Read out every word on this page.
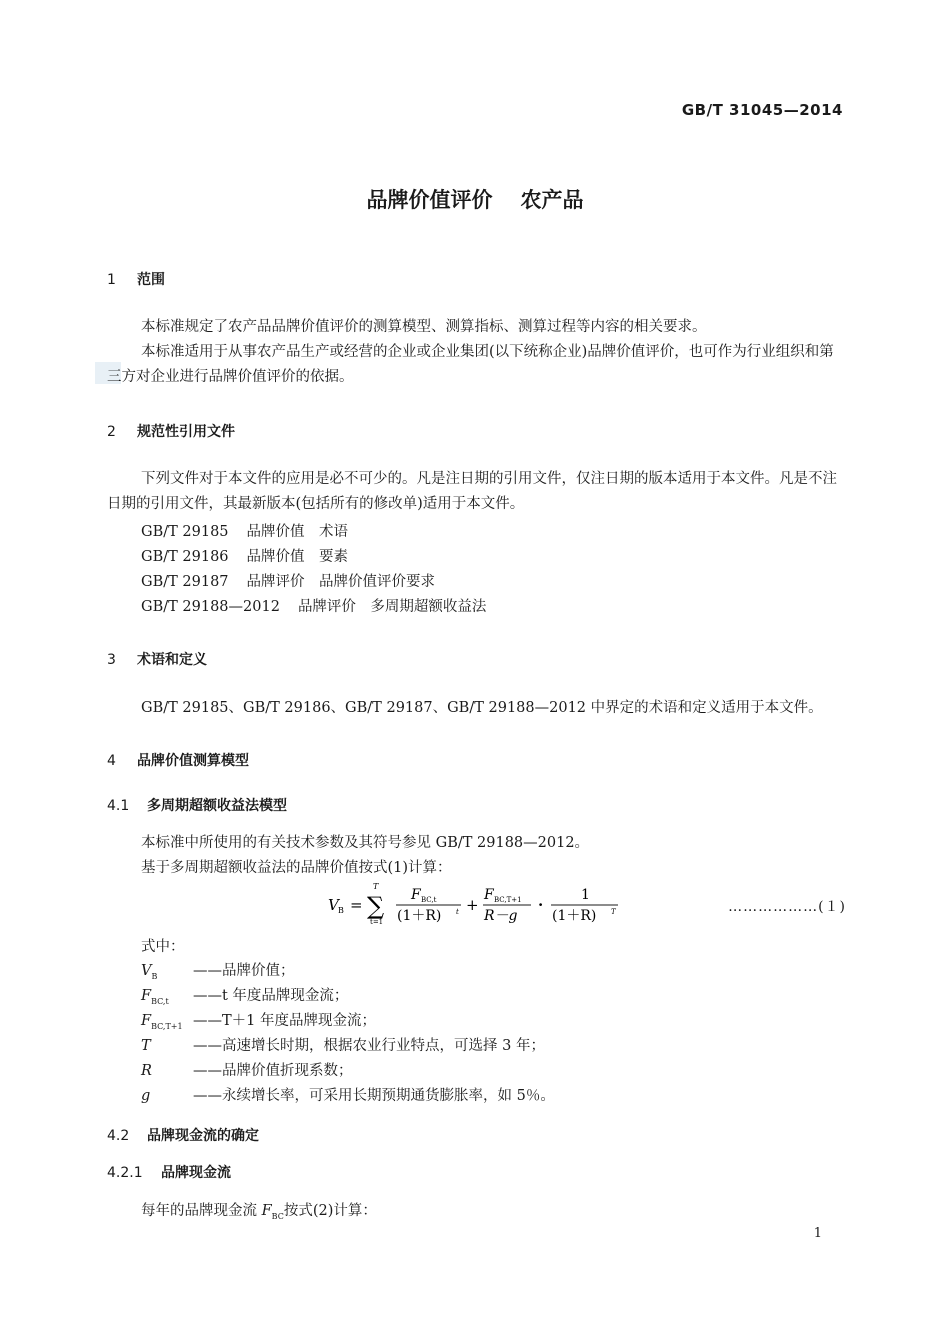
GB/T 31045—2014
品牌价值评价 农产品
1 范围
本标准规定了农产品品牌价值评价的测算模型、测算指标、测算过程等内容的相关要求。
本标准适用于从事农产品生产或经营的企业或企业集团(以下统称企业)品牌价值评价，也可作为行业组织和第三方对企业进行品牌价值评价的依据。
2 规范性引用文件
下列文件对于本文件的应用是必不可少的。凡是注日期的引用文件，仅注日期的版本适用于本文件。凡是不注日期的引用文件，其最新版本(包括所有的修改单)适用于本文件。
GB/T 29185 品牌价值　术语
GB/T 29186 品牌价值　要素
GB/T 29187 品牌评价　品牌价值评价要求
GB/T 29188—2012 品牌评价　多周期超额收益法
3 术语和定义
GB/T 29185、GB/T 29186、GB/T 29187、GB/T 29188—2012 中界定的术语和定义适用于本文件。
4 品牌价值测算模型
4.1 多周期超额收益法模型
本标准中所使用的有关技术参数及其符号参见 GB/T 29188—2012。
基于多周期超额收益法的品牌价值按式(1)计算：
V B =
T
∑
t=1
F BC,t
(1＋R) t +
F BC,T+1
R－g
·
1
(1＋R) T	………………(１)
式中：
$V_B$ ——品牌价值；
$F_{BC,t}$ ——t 年度品牌现金流；
$F_{BC,T+1}$ ——T＋1 年度品牌现金流；
T	——高速增长时期，根据农业行业特点，可选择 3 年；
R	——品牌价值折现系数；
g	——永续增长率，可采用长期预期通货膨胀率，如 5％。
4.2 品牌现金流的确定
4.2.1 品牌现金流
每年的品牌现金流 $F_{BC}$按式(2)计算：
1
